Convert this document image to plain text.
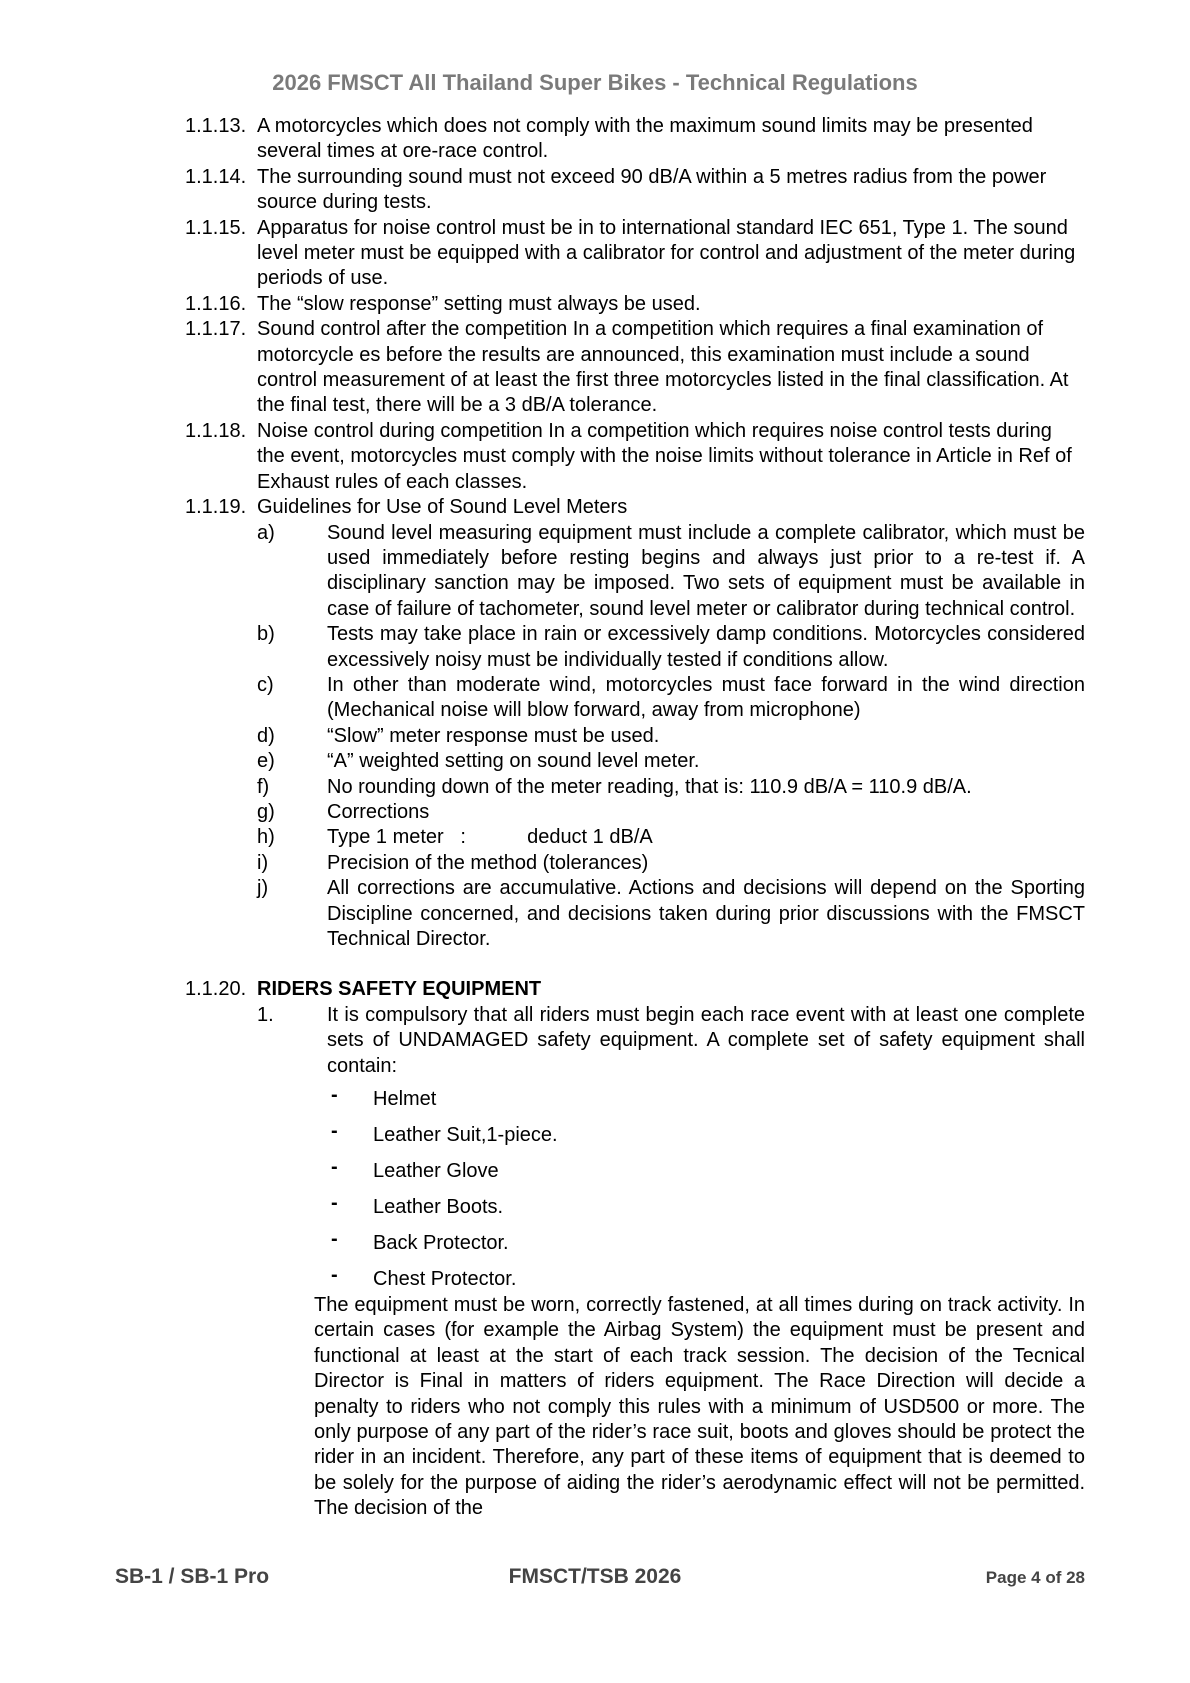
2026 FMSCT All Thailand Super Bikes - Technical Regulations
1.1.13. A motorcycles which does not comply with the maximum sound limits may be presented several times at ore-race control.
1.1.14. The surrounding sound must not exceed 90 dB/A within a 5 metres radius from the power source during tests.
1.1.15. Apparatus for noise control must be in to international standard IEC 651, Type 1. The sound level meter must be equipped with a calibrator for control and adjustment of the meter during periods of use.
1.1.16. The “slow response” setting must always be used.
1.1.17. Sound control after the competition In a competition which requires a final examination of motorcycle es before the results are announced, this examination must include a sound control measurement of at least the first three motorcycles listed in the final classification. At the final test, there will be a 3 dB/A tolerance.
1.1.18. Noise control during competition In a competition which requires noise control tests during the event, motorcycles must comply with the noise limits without tolerance in Article in Ref of Exhaust rules of each classes.
1.1.19. Guidelines for Use of Sound Level Meters
a)	Sound level measuring equipment must include a complete calibrator, which must be used immediately before resting begins and always just prior to a re-test if. A disciplinary sanction may be imposed. Two sets of equipment must be available in case of failure of tachometer, sound level meter or calibrator during technical control.
b)	Tests may take place in rain or excessively damp conditions. Motorcycles considered excessively noisy must be individually tested if conditions allow.
c)	In other than moderate wind, motorcycles must face forward in the wind direction (Mechanical noise will blow forward, away from microphone)
d)	“Slow” meter response must be used.
e)	“A” weighted setting on sound level meter.
f)	No rounding down of the meter reading, that is: 110.9 dB/A = 110.9 dB/A.
g)	Corrections
h)	Type 1 meter   :           deduct 1 dB/A
i)	Precision of the method (tolerances)
j)	All corrections are accumulative. Actions and decisions will depend on the Sporting Discipline concerned, and decisions taken during prior discussions with the FMSCT Technical Director.
1.1.20. RIDERS SAFETY EQUIPMENT
1.	It is compulsory that all riders must begin each race event with at least one complete sets of UNDAMAGED safety equipment. A complete set of safety equipment shall contain:
-	Helmet
-	Leather Suit,1-piece.
-	Leather Glove
-	Leather Boots.
-	Back Protector.
-	Chest Protector.
The equipment must be worn, correctly fastened, at all times during on track activity. In certain cases (for example the Airbag System) the equipment must be present and functional at least at the start of each track session. The decision of the Tecnical Director is Final in matters of riders equipment. The Race Direction will decide a penalty to riders who not comply this rules with a minimum of USD500 or more. The only purpose of any part of the rider’s race suit, boots and gloves should be protect the rider in an incident. Therefore, any part of these items of equipment that is deemed to be solely for the purpose of aiding the rider’s aerodynamic effect will not be permitted. The decision of the
SB-1 / SB-1 Pro	FMSCT/TSB 2026	Page 4 of 28
